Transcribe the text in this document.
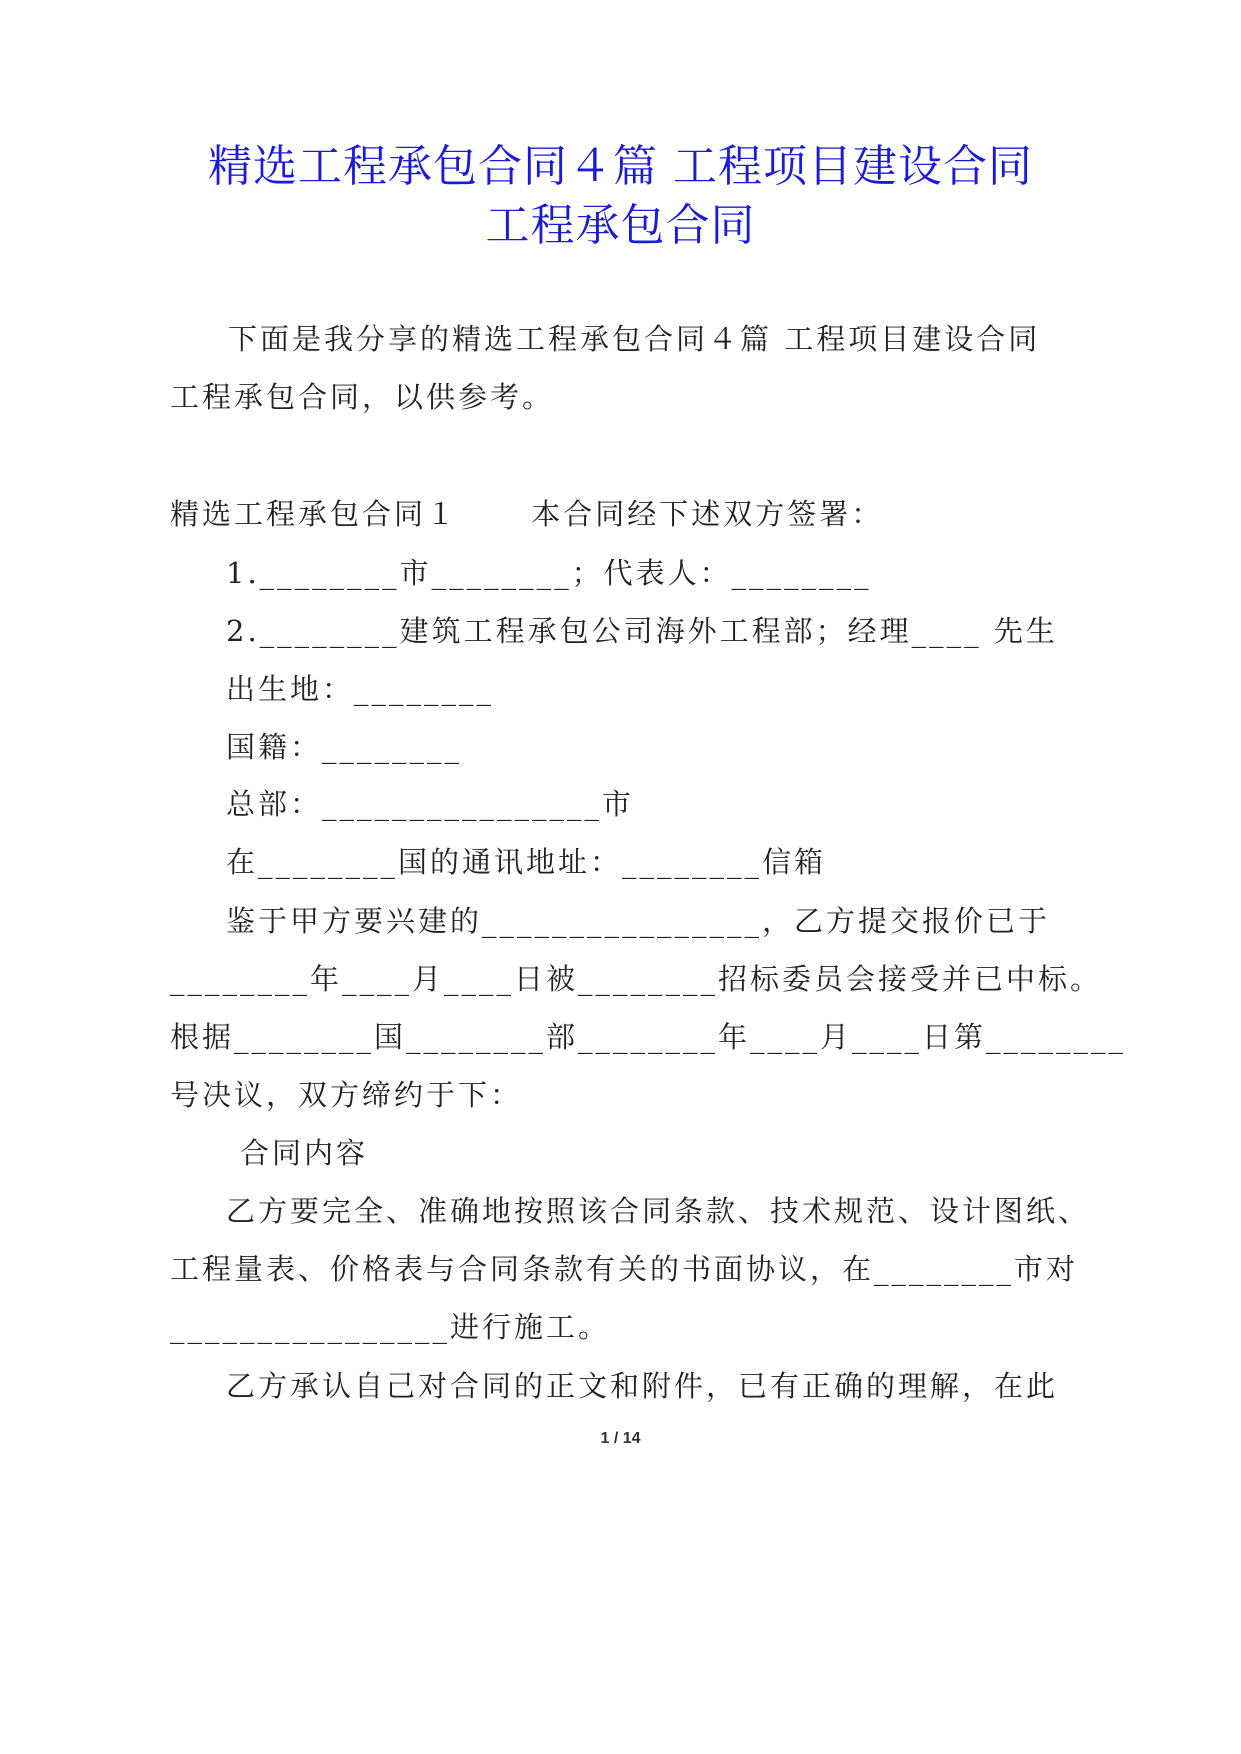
精选工程承包合同４篇 工程项目建设合同
工程承包合同
下面是我分享的精选工程承包合同４篇 工程项目建设合同
工程承包合同，以供参考。
精选工程承包合同１      本合同经下述双方签署：
1.________市________；代表人：________
2.________建筑工程承包公司海外工程部；经理____ 先生
出生地：________
国籍：________
总部：________________市
在________国的通讯地址：________信箱
鉴于甲方要兴建的________________，乙方提交报价已于
________年____月____日被________招标委员会接受并已中标。
根据________国________部________年____月____日第________
号决议，双方缔约于下：
合同内容
乙方要完全、准确地按照该合同条款、技术规范、设计图纸、
工程量表、价格表与合同条款有关的书面协议，在________市对
________________进行施工。
乙方承认自己对合同的正文和附件，已有正确的理解，在此
1 / 14
